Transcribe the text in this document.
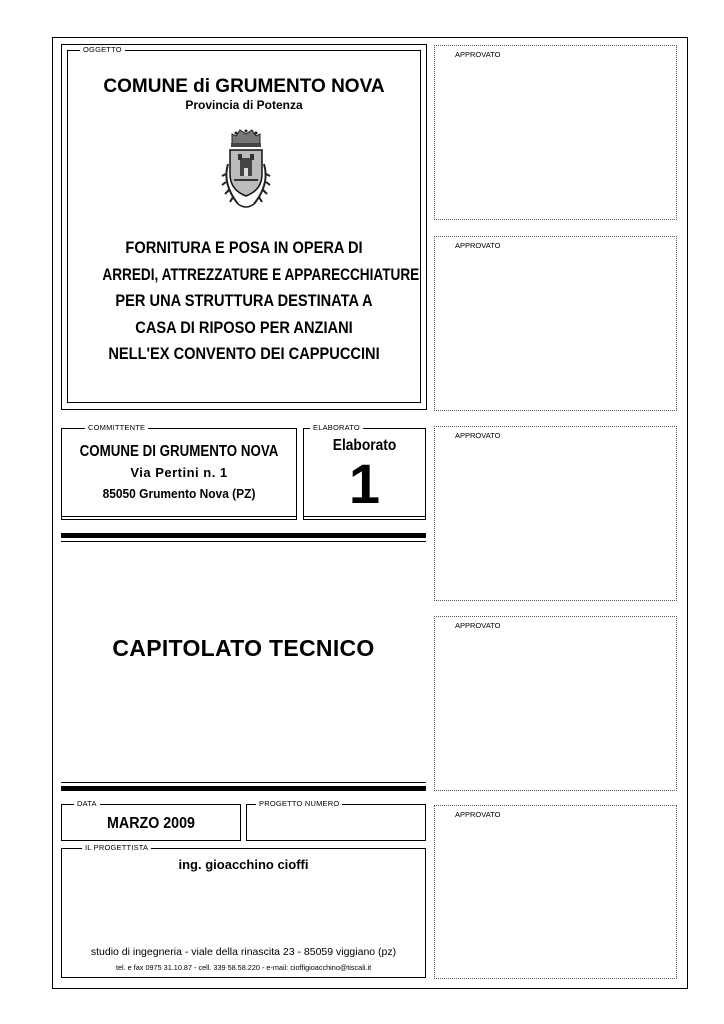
OGGETTO
COMUNE di GRUMENTO NOVA
Provincia di Potenza
FORNITURA E POSA IN OPERA DI
ARREDI, ATTREZZATURE E APPARECCHIATURE
PER UNA STRUTTURA DESTINATA A
CASA DI RIPOSO PER ANZIANI
NELL'EX CONVENTO DEI CAPPUCCINI
COMMITTENTE
COMUNE DI GRUMENTO NOVA
Via Pertini n. 1
85050 Grumento Nova (PZ)
ELABORATO
Elaborato
1
CAPITOLATO TECNICO
DATA
MARZO 2009
PROGETTO NUMERO
IL PROGETTISTA
ing. gioacchino cioffi
studio di ingegneria - viale della rinascita 23 - 85059 viggiano (pz)
tel. e fax 0975 31.10.87 - cell. 339 58.58.220 - e-mail: cioffigioacchino@tiscali.it
APPROVATO
APPROVATO
APPROVATO
APPROVATO
APPROVATO
